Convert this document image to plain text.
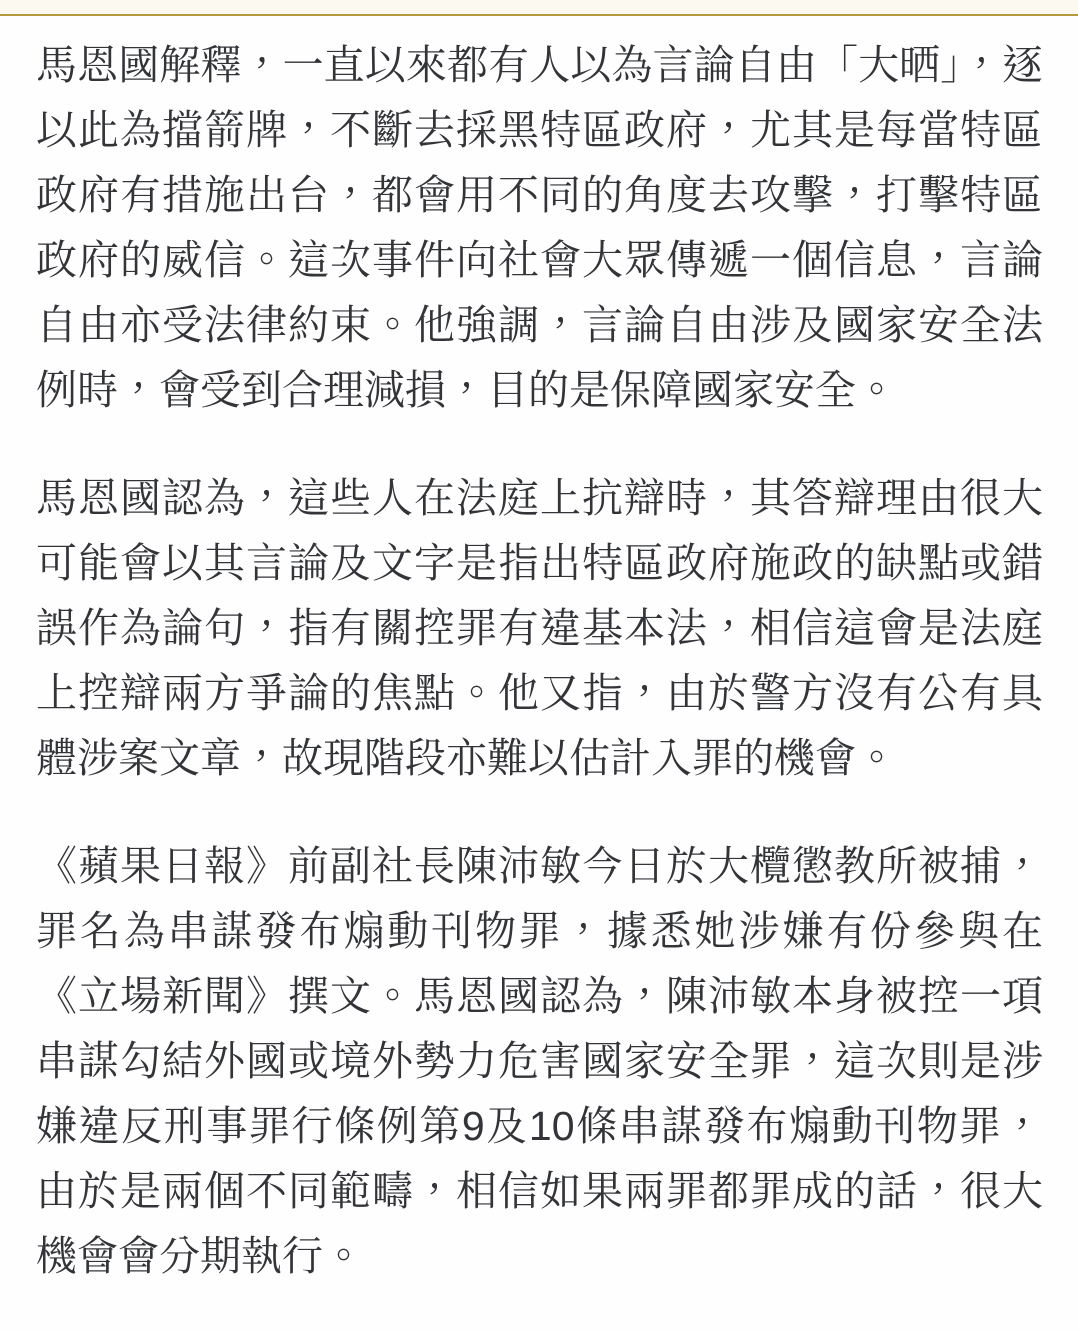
馬恩國解釋，一直以來都有人以為言論自由「大晒」，逐以此為擋箭牌，不斷去採黑特區政府，尤其是每當特區政府有措施出台，都會用不同的角度去攻擊，打擊特區政府的威信。這次事件向社會大眾傳遞一個信息，言論自由亦受法律約束。他強調，言論自由涉及國家安全法例時，會受到合理減損，目的是保障國家安全。

馬恩國認為，這些人在法庭上抗辯時，其答辯理由很大可能會以其言論及文字是指出特區政府施政的缺點或錯誤作為論句，指有關控罪有違基本法，相信這會是法庭上控辯兩方爭論的焦點。他又指，由於警方沒有公有具體涉案文章，故現階段亦難以估計入罪的機會。

《蘋果日報》前副社長陳沛敏今日於大欖懲教所被捕，罪名為串謀發布煽動刊物罪，據悉她涉嫌有份參與在《立場新聞》撰文。馬恩國認為，陳沛敏本身被控一項串謀勾結外國或境外勢力危害國家安全罪，這次則是涉嫌違反刑事罪行條例第9及10條串謀發布煽動刊物罪，由於是兩個不同範疇，相信如果兩罪都罪成的話，很大機會會分期執行。
